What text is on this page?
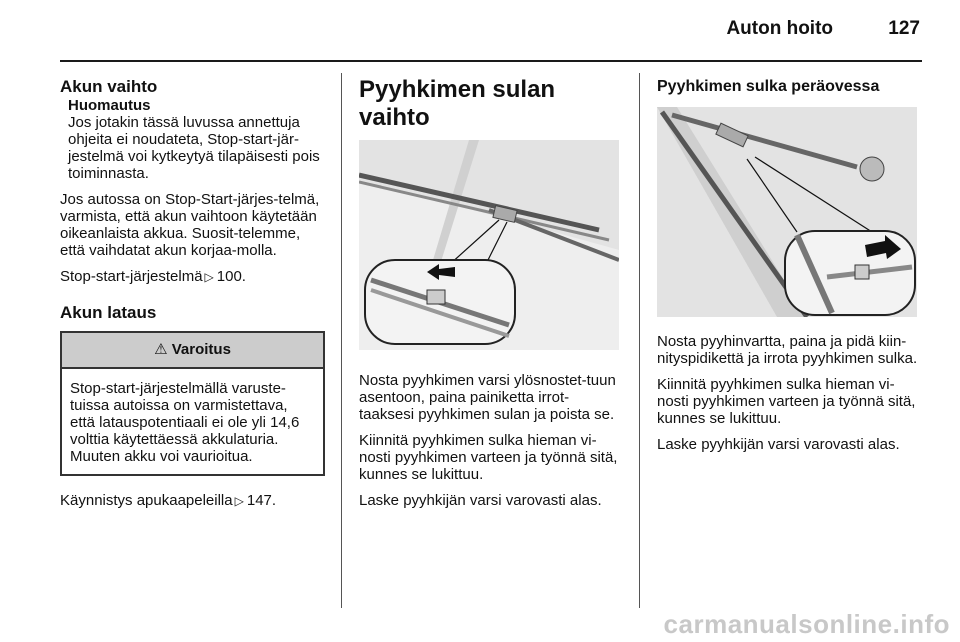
Auton hoito	127
Akun vaihto
Huomautus
Jos jotakin tässä luvussa annettuja ohjeita ei noudateta, Stop-start-jär-jestelmä voi kytkeytyä tilapäisesti pois toiminnasta.

Jos autossa on Stop-Start-järjes-telmä, varmista, että akun vaihtoon käytetään oikeanlaista akkua. Suosit-telemme, että vaihdatat akun korjaa-molla.

Stop-start-järjestelmä ▷ 100.

Akun lataus
⚠ Varoitus
Stop-start-järjestelmällä varuste-tuissa autoissa on varmistettava, että latauspotentiaali ei ole yli 14,6 volttia käytettäessä akkulaturia. Muuten akku voi vaurioitua.

Käynnistys apukaapeleilla ▷ 147.

Pyyhkimen sulan vaihto

Nosta pyyhkimen varsi ylösnostet-tuun asentoon, paina painiketta irrot-taaksesi pyyhkimen sulan ja poista se.

Kiinnitä pyyhkimen sulka hieman vi-nosti pyyhkimen varteen ja työnnä sitä, kunnes se lukittuu.

Laske pyyhkijän varsi varovasti alas.

Pyyhkimen sulka peräovessa

Nosta pyyhinvartta, paina ja pidä kiin-nityspidikettä ja irrota pyyhkimen sulka.

Kiinnitä pyyhkimen sulka hieman vi-nosti pyyhkimen varteen ja työnnä sitä, kunnes se lukittuu.

Laske pyyhkijän varsi varovasti alas.

carmanualsonline.info
